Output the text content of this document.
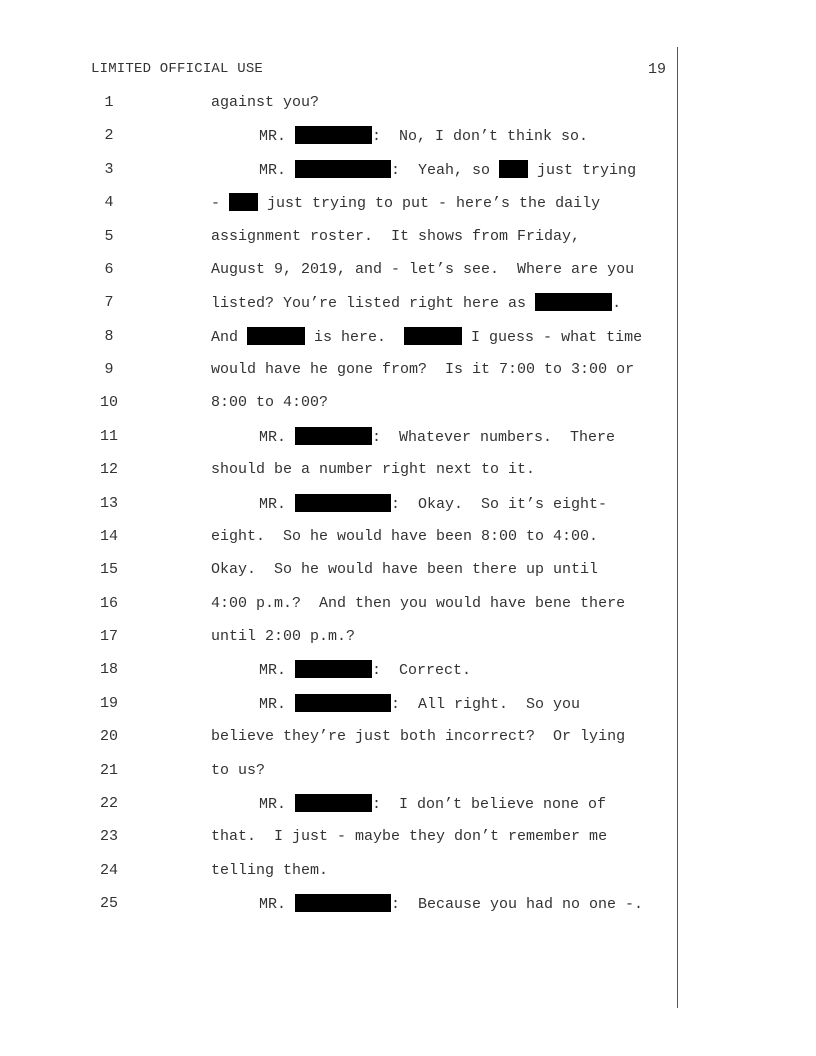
LIMITED OFFICIAL USE	19
1	against you?
2	MR.	:  No, I don’t think so.
3	MR.	:  Yeah, so  just trying
4	-  just trying to put - here’s the daily
5	assignment roster.  It shows from Friday,
6	August 9, 2019, and - let’s see.  Where are you
7	listed? You’re listed right here as	.
8	And	is here.	I guess - what time
9	would have he gone from?  Is it 7:00 to 3:00 or
10	8:00 to 4:00?
11	MR.	:  Whatever numbers.  There
12	should be a number right next to it.
13	MR.	:  Okay.  So it’s eight-
14	eight.  So he would have been 8:00 to 4:00.
15	Okay.  So he would have been there up until
16	4:00 p.m.?  And then you would have bene there
17	until 2:00 p.m.?
18	MR.	:  Correct.
19	MR.	:  All right.  So you
20	believe they’re just both incorrect?  Or lying
21	to us?
22	MR.	:  I don’t believe none of
23	that.  I just - maybe they don’t remember me
24	telling them.
25	MR.	:  Because you had no one -.
